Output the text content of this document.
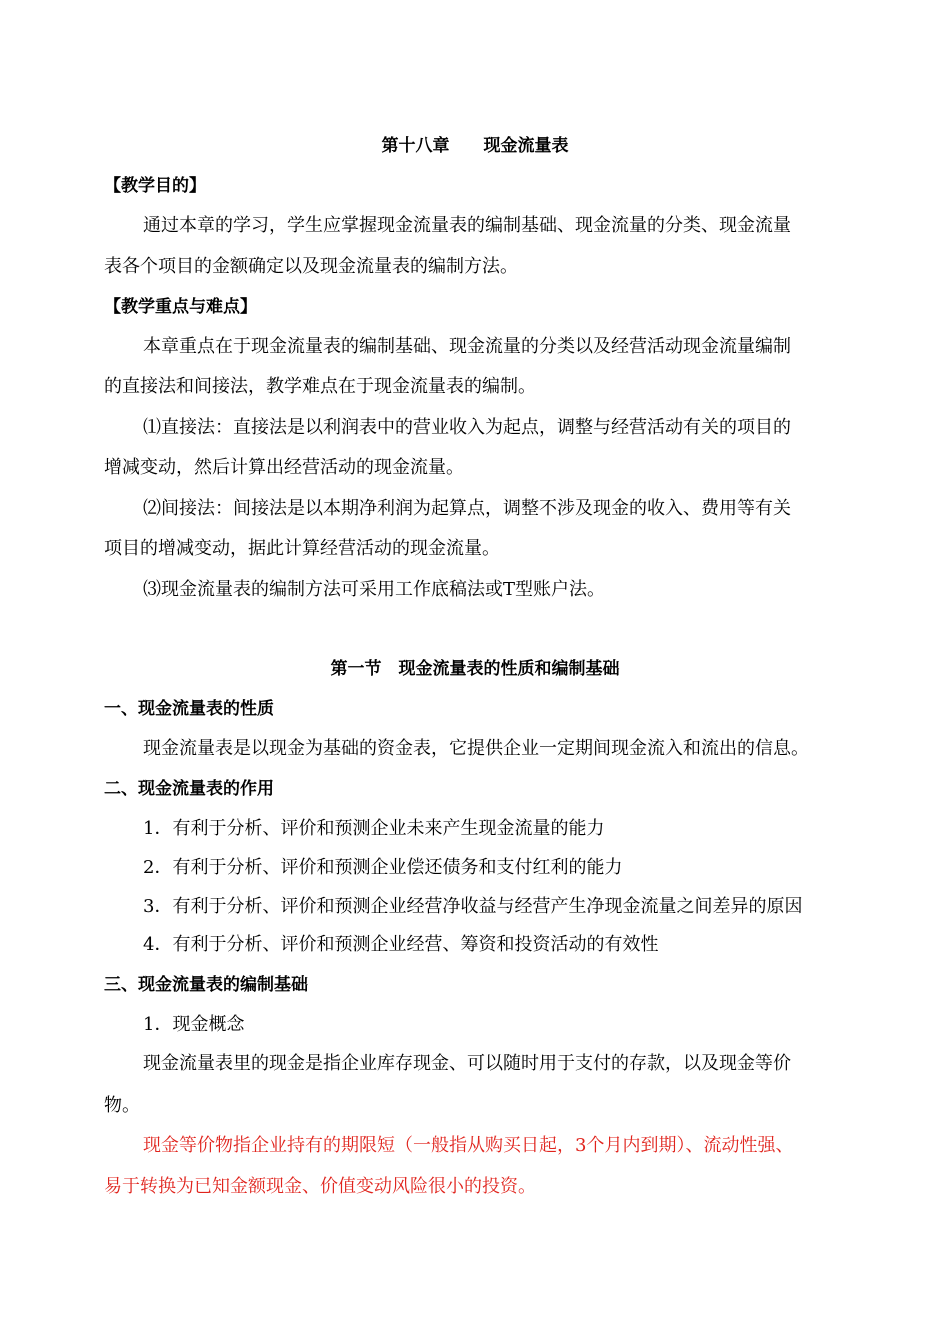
第十八章　　现金流量表
【教学目的】
通过本章的学习，学生应掌握现金流量表的编制基础、现金流量的分类、现金流量
表各个项目的金额确定以及现金流量表的编制方法。
【教学重点与难点】
本章重点在于现金流量表的编制基础、现金流量的分类以及经营活动现金流量编制
的直接法和间接法，教学难点在于现金流量表的编制。
⑴直接法：直接法是以利润表中的营业收入为起点，调整与经营活动有关的项目的
增减变动，然后计算出经营活动的现金流量。
⑵间接法：间接法是以本期净利润为起算点，调整不涉及现金的收入、费用等有关
项目的增减变动，据此计算经营活动的现金流量。
⑶现金流量表的编制方法可采用工作底稿法或T型账户法。
第一节　现金流量表的性质和编制基础
一、现金流量表的性质
现金流量表是以现金为基础的资金表，它提供企业一定期间现金流入和流出的信息。
二、现金流量表的作用
1．有利于分析、评价和预测企业未来产生现金流量的能力
2．有利于分析、评价和预测企业偿还债务和支付红利的能力
3．有利于分析、评价和预测企业经营净收益与经营产生净现金流量之间差异的原因
4．有利于分析、评价和预测企业经营、筹资和投资活动的有效性
三、现金流量表的编制基础
1．现金概念
现金流量表里的现金是指企业库存现金、可以随时用于支付的存款，以及现金等价
物。
现金等价物指企业持有的期限短（一般指从购买日起，3个月内到期）、流动性强、
易于转换为已知金额现金、价值变动风险很小的投资。
